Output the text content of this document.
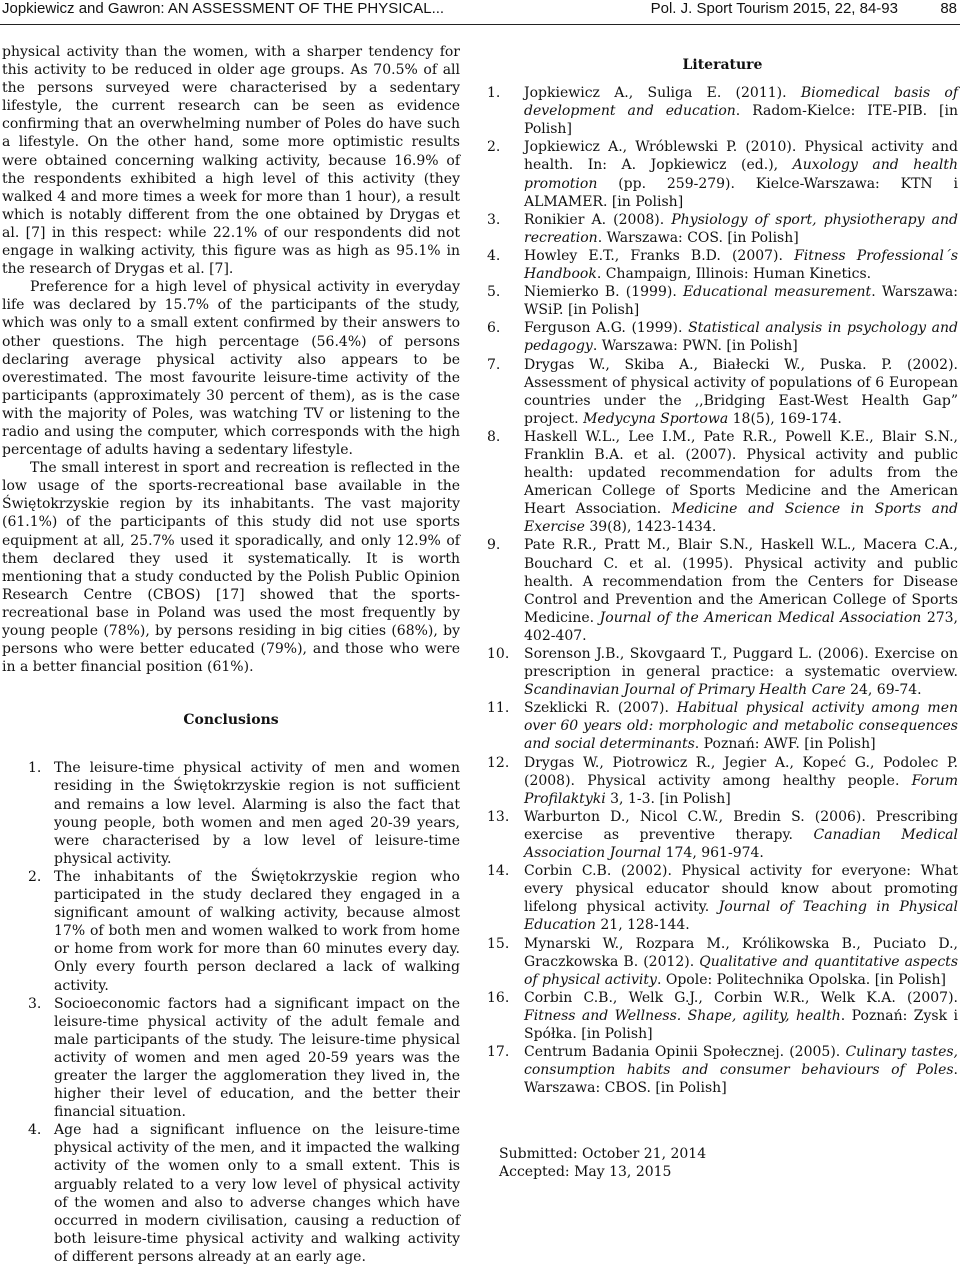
Jopkiewicz and Gawron: AN ASSESSMENT OF THE PHYSICAL...	Pol. J. Sport Tourism 2015, 22, 84-93	88

physical activity than the women, with a sharper tendency for this activity to be reduced in older age groups. As 70.5% of all the persons surveyed were characterised by a sedentary lifestyle, the current research can be seen as evidence confirming that an overwhelming number of Poles do have such a lifestyle. On the other hand, some more optimistic results were obtained concerning walking activity, because 16.9% of the respondents exhibited a high level of this activity (they walked 4 and more times a week for more than 1 hour), a result which is notably different from the one obtained by Drygas et al. [7] in this respect: while 22.1% of our respondents did not engage in walking activity, this figure was as high as 95.1% in the research of Drygas et al. [7].

Preference for a high level of physical activity in everyday life was declared by 15.7% of the participants of the study, which was only to a small extent confirmed by their answers to other questions. The high percentage (56.4%) of persons declaring average physical activity also appears to be overestimated. The most favourite leisure-time activity of the participants (approximately 30 percent of them), as is the case with the majority of Poles, was watching TV or listening to the radio and using the computer, which corresponds with the high percentage of adults having a sedentary lifestyle.

The small interest in sport and recreation is reflected in the low usage of the sports-recreational base available in the Świętokrzyskie region by its inhabitants. The vast majority (61.1%) of the participants of this study did not use sports equipment at all, 25.7% used it sporadically, and only 12.9% of them declared they used it systematically. It is worth mentioning that a study conducted by the Polish Public Opinion Research Centre (CBOS) [17] showed that the sports-recreational base in Poland was used the most frequently by young people (78%), by persons residing in big cities (68%), by persons who were better educated (79%), and those who were in a better financial position (61%).

Conclusions
1. The leisure-time physical activity of men and women residing in the Świętokrzyskie region is not sufficient and remains a low level. Alarming is also the fact that young people, both women and men aged 20-39 years, were characterised by a low level of leisure-time physical activity.
2. The inhabitants of the Świętokrzyskie region who participated in the study declared they engaged in a significant amount of walking activity, because almost 17% of both men and women walked to work from home or home from work for more than 60 minutes every day. Only every fourth person declared a lack of walking activity.
3. Socioeconomic factors had a significant impact on the leisure-time physical activity of the adult female and male participants of the study. The leisure-time physical activity of women and men aged 20-59 years was the greater the larger the agglomeration they lived in, the higher their level of education, and the better their financial situation.
4. Age had a significant influence on the leisure-time physical activity of the men, and it impacted the walking activity of the women only to a small extent. This is arguably related to a very low level of physical activity of the women and also to adverse changes which have occurred in modern civilisation, causing a reduction of both leisure-time physical activity and walking activity of different persons already at an early age.
Literature
1. Jopkiewicz A., Suliga E. (2011). Biomedical basis of development and education. Radom-Kielce: ITE-PIB. [in Polish]
2. Jopkiewicz A., Wróblewski P. (2010). Physical activity and health. In: A. Jopkiewicz (ed.), Auxology and health promotion (pp. 259-279). Kielce-Warszawa: KTN i ALMAMER. [in Polish]
3. Ronikier A. (2008). Physiology of sport, physiotherapy and recreation. Warszawa: COS. [in Polish]
4. Howley E.T., Franks B.D. (2007). Fitness Professional´s Handbook. Champaign, Illinois: Human Kinetics.
5. Niemierko B. (1999). Educational measurement. Warszawa: WSiP. [in Polish]
6. Ferguson A.G. (1999). Statistical analysis in psychology and pedagogy. Warszawa: PWN. [in Polish]
7. Drygas W., Skiba A., Białecki W., Puska. P. (2002). Assessment of physical activity of populations of 6 European countries under the ,,Bridging East-West Health Gap” project. Medycyna Sportowa 18(5), 169-174.
8. Haskell W.L., Lee I.M., Pate R.R., Powell K.E., Blair S.N., Franklin B.A. et al. (2007). Physical activity and public health: updated recommendation for adults from the American College of Sports Medicine and the American Heart Association. Medicine and Science in Sports and Exercise 39(8), 1423-1434.
9. Pate R.R., Pratt M., Blair S.N., Haskell W.L., Macera C.A., Bouchard C. et al. (1995). Physical activity and public health. A recommendation from the Centers for Disease Control and Prevention and the American College of Sports Medicine. Journal of the American Medical Association 273, 402-407.
10. Sorenson J.B., Skovgaard T., Puggard L. (2006). Exercise on prescription in general practice: a systematic overview. Scandinavian Journal of Primary Health Care 24, 69-74.
11. Szeklicki R. (2007). Habitual physical activity among men over 60 years old: morphologic and metabolic consequences and social determinants. Poznań: AWF. [in Polish]
12. Drygas W., Piotrowicz R., Jegier A., Kopeć G., Podolec P. (2008). Physical activity among healthy people. Forum Profilaktyki 3, 1-3. [in Polish]
13. Warburton D., Nicol C.W., Bredin S. (2006). Prescribing exercise as preventive therapy. Canadian Medical Association Journal 174, 961-974.
14. Corbin C.B. (2002). Physical activity for everyone: What every physical educator should know about promoting lifelong physical activity. Journal of Teaching in Physical Education 21, 128-144.
15. Mynarski W., Rozpara M., Królikowska B., Puciato D., Graczkowska B. (2012). Qualitative and quantitative aspects of physical activity. Opole: Politechnika Opolska. [in Polish]
16. Corbin C.B., Welk G.J., Corbin W.R., Welk K.A. (2007). Fitness and Wellness. Shape, agility, health. Poznań: Zysk i Spółka. [in Polish]
17. Centrum Badania Opinii Społecznej. (2005). Culinary tastes, consumption habits and consumer behaviours of Poles. Warszawa: CBOS. [in Polish]
Submitted: October 21, 2014
Accepted: May 13, 2015
